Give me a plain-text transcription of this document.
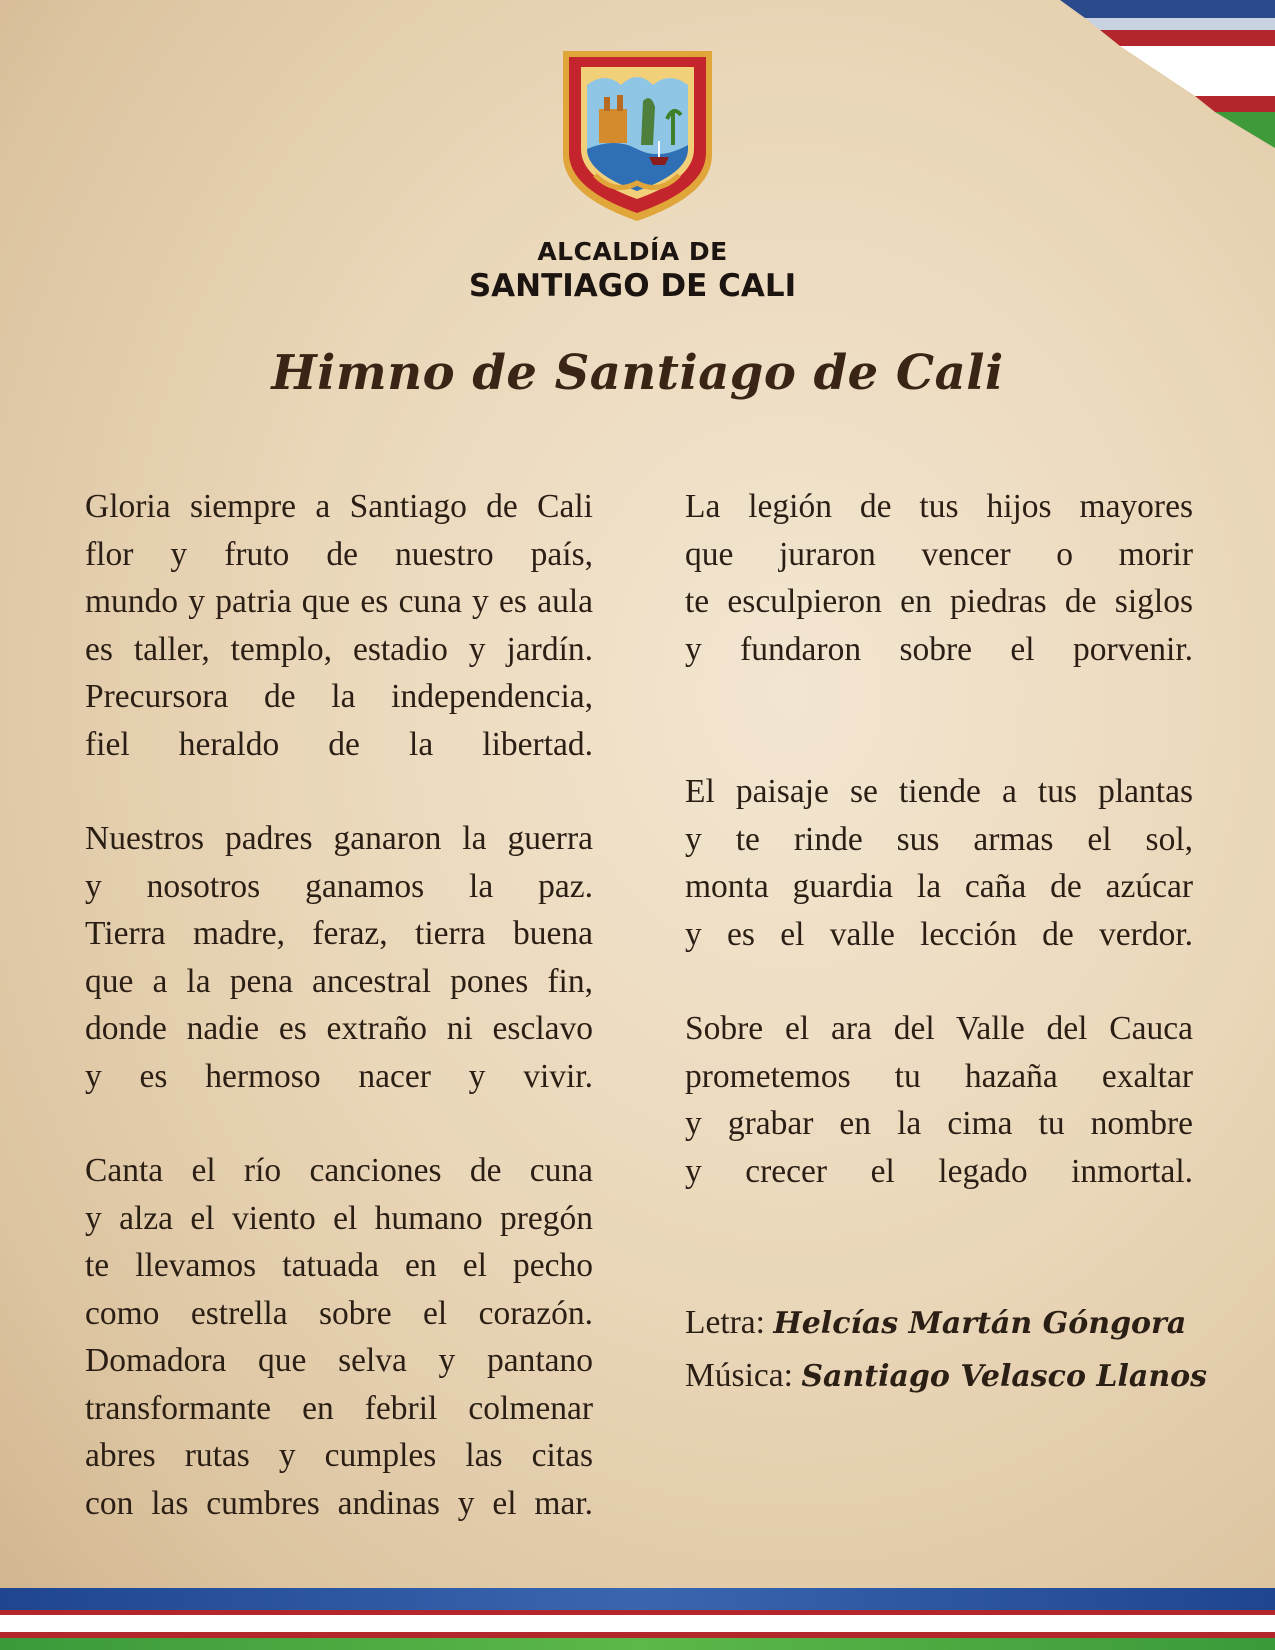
ALCALDÍA DE
SANTIAGO DE CALI
Himno de Santiago de Cali
Gloria siempre a Santiago de Cali
flor y fruto de nuestro país,
mundo y patria que es cuna y es aula
es taller, templo, estadio y jardín.
Precursora de la independencia,
fiel heraldo de la libertad.
Nuestros padres ganaron la guerra
y nosotros ganamos la paz.
Tierra madre, feraz, tierra buena
que a la pena ancestral pones fin,
donde nadie es extraño ni esclavo
y es hermoso nacer y vivir.
Canta el río canciones de cuna
y alza el viento el humano pregón
te llevamos tatuada en el pecho
como estrella sobre el corazón.
Domadora que selva y pantano
transformante en febril colmenar
abres rutas y cumples las citas
con las cumbres andinas y el mar.
La legión de tus hijos mayores
que juraron vencer o morir
te esculpieron en piedras de siglos
y fundaron sobre el porvenir.
El paisaje se tiende a tus plantas
y te rinde sus armas el sol,
monta guardia la caña de azúcar
y es el valle lección de verdor.
Sobre el ara del Valle del Cauca
prometemos tu hazaña exaltar
y grabar en la cima tu nombre
y crecer el legado inmortal.
Letra: Helcías Martán Góngora
Música: Santiago Velasco Llanos
